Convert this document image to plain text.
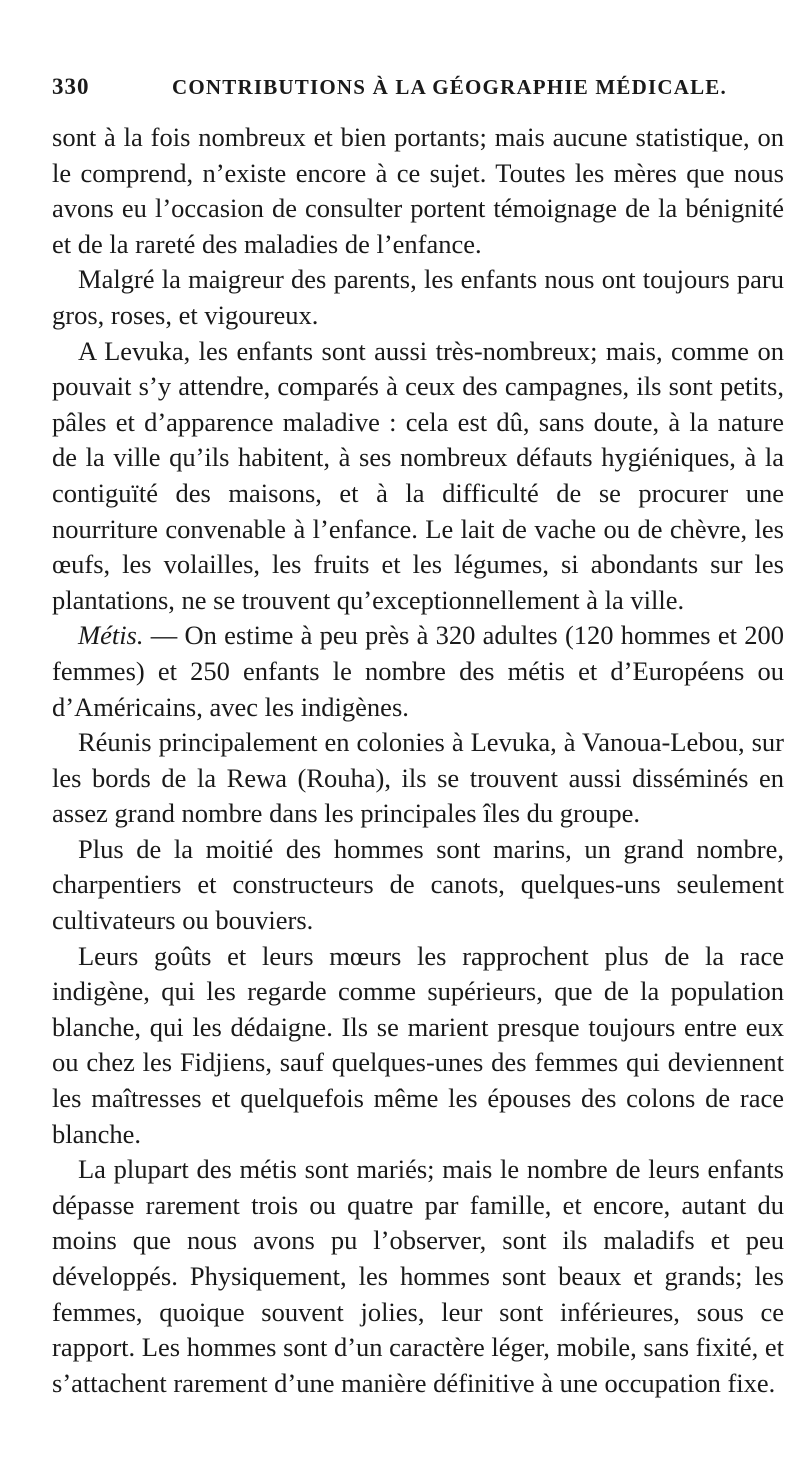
330	CONTRIBUTIONS À LA GÉOGRAPHIE MÉDICALE.

sont à la fois nombreux et bien portants; mais aucune statistique, on le comprend, n’existe encore à ce sujet. Toutes les mères que nous avons eu l’occasion de consulter portent témoignage de la bénignité et de la rareté des maladies de l’enfance.

Malgré la maigreur des parents, les enfants nous ont toujours paru gros, roses, et vigoureux.

A Levuka, les enfants sont aussi très-nombreux; mais, comme on pouvait s’y attendre, comparés à ceux des campagnes, ils sont petits, pâles et d’apparence maladive : cela est dû, sans doute, à la nature de la ville qu’ils habitent, à ses nombreux défauts hygiéniques, à la contiguïté des maisons, et à la difficulté de se procurer une nourriture convenable à l’enfance. Le lait de vache ou de chèvre, les œufs, les volailles, les fruits et les légumes, si abondants sur les plantations, ne se trouvent qu’exceptionnellement à la ville.

Métis. — On estime à peu près à 320 adultes (120 hommes et 200 femmes) et 250 enfants le nombre des métis et d’Européens ou d’Américains, avec les indigènes.

Réunis principalement en colonies à Levuka, à Vanoua-Lebou, sur les bords de la Rewa (Rouha), ils se trouvent aussi disséminés en assez grand nombre dans les principales îles du groupe.

Plus de la moitié des hommes sont marins, un grand nombre, charpentiers et constructeurs de canots, quelques-uns seulement cultivateurs ou bouviers.

Leurs goûts et leurs mœurs les rapprochent plus de la race indigène, qui les regarde comme supérieurs, que de la population blanche, qui les dédaigne. Ils se marient presque toujours entre eux ou chez les Fidjiens, sauf quelques-unes des femmes qui deviennent les maîtresses et quelquefois même les épouses des colons de race blanche.

La plupart des métis sont mariés; mais le nombre de leurs enfants dépasse rarement trois ou quatre par famille, et encore, autant du moins que nous avons pu l’observer, sont ils maladifs et peu développés. Physiquement, les hommes sont beaux et grands; les femmes, quoique souvent jolies, leur sont inférieures, sous ce rapport. Les hommes sont d’un caractère léger, mobile, sans fixité, et s’attachent rarement d’une manière définitive à une occupation fixe.
